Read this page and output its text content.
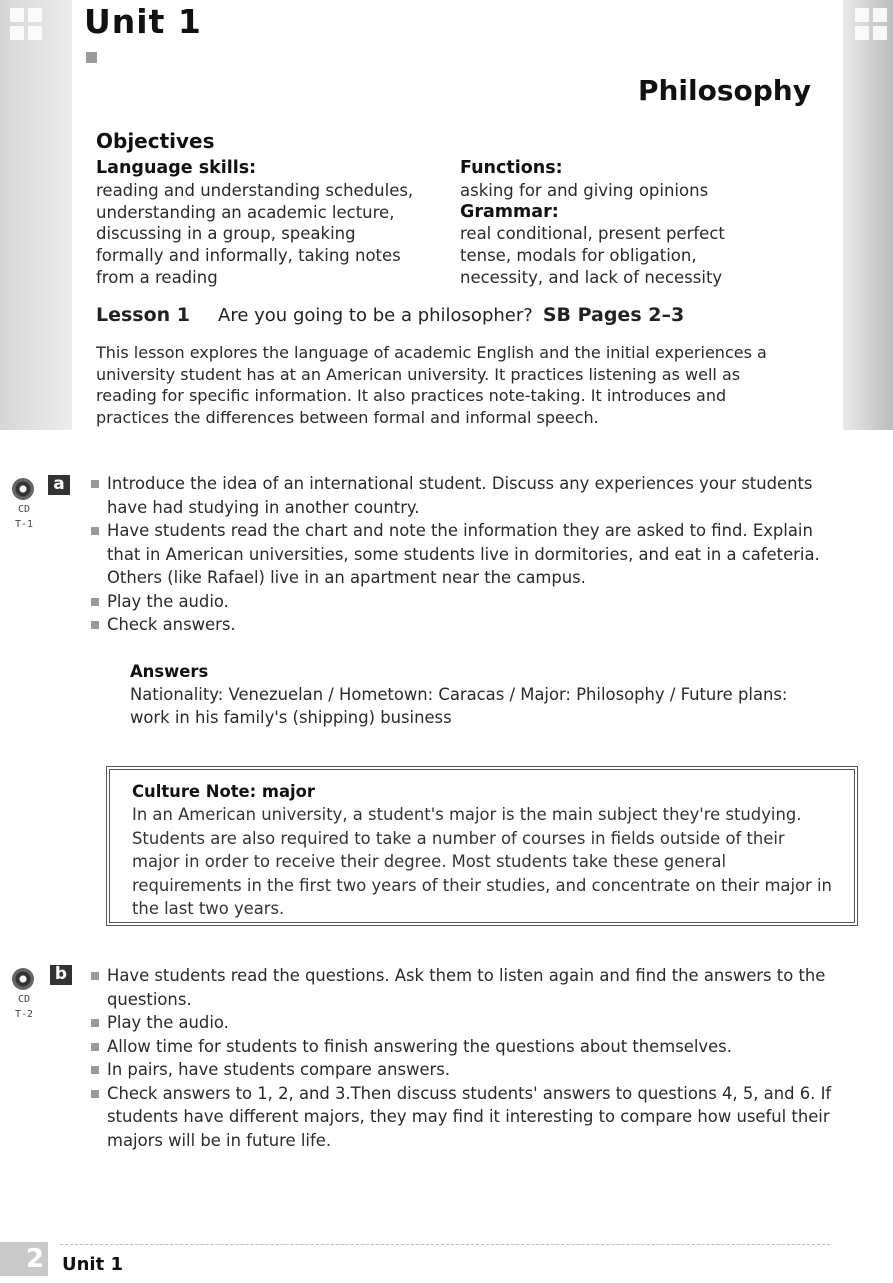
Unit 1
Philosophy
Objectives
Language skills:
reading and understanding schedules,
understanding an academic lecture,
discussing in a group, speaking
formally and informally, taking notes
from a reading
Functions:
asking for and giving opinions
Grammar:
real conditional, present perfect
tense, modals for obligation,
necessity, and lack of necessity
Lesson 1 Are you going to be a philosopher? SB Pages 2–3
This lesson explores the language of academic English and the initial experiences a university student has at an American university. It practices listening as well as reading for specific information. It also practices note-taking. It introduces and practices the differences between formal and informal speech.
CD
T-1
a	Introduce the idea of an international student. Discuss any experiences your students have had studying in another country.
Have students read the chart and note the information they are asked to find. Explain that in American universities, some students live in dormitories, and eat in a cafeteria. Others (like Rafael) live in an apartment near the campus.
Play the audio.
Check answers.
Answers
Nationality: Venezuelan / Hometown: Caracas / Major: Philosophy / Future plans: work in his family's (shipping) business
Culture Note: major
In an American university, a student's major is the main subject they're studying. Students are also required to take a number of courses in fields outside of their major in order to receive their degree. Most students take these general requirements in the first two years of their studies, and concentrate on their major in the last two years.
CD
T-2
b	Have students read the questions. Ask them to listen again and find the answers to the questions.
Play the audio.
Allow time for students to finish answering the questions about themselves.
In pairs, have students compare answers.
Check answers to 1, 2, and 3.Then discuss students' answers to questions 4, 5, and 6. If students have different majors, they may find it interesting to compare how useful their majors will be in future life.
2 Unit 1
